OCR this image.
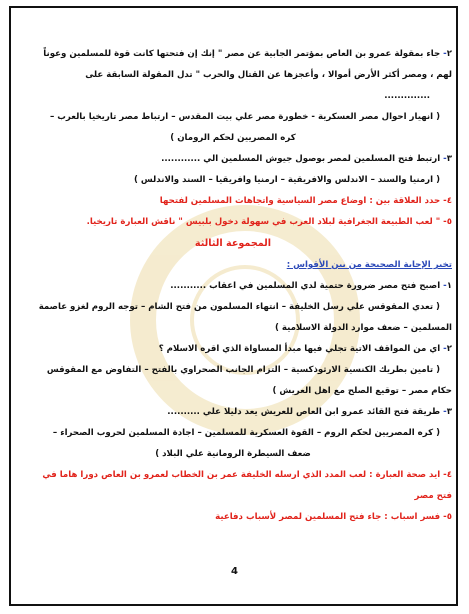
٢- جاء بمقولة عمرو بن العاص بمؤتمر الجابية عن مصر " إنك إن فتحتها كانت قوة للمسلمين وعوناً
لهم ، ومصر أكثر الأرض أموالا ، وأعجزها عن القتال والحرب " تدل المقولة السابقة على
..............
( انهيار احوال مصر العسكرية - خطورة مصر علي بيت المقدس – ارتباط مصر تاريخيا بالعرب –
كره المصريين لحكم الرومان )
٣- ارتبط فتح المسلمين لمصر بوصول جيوش المسلمين الي ............
( ارمنيا والسند – الاندلس والافريقية – ارمنيا وافريقيا – السند والاندلس )
٤- حدد العلاقة بين : اوضاع مصر السياسية واتجاهات المسلمين لفتحها
٥- " لعب الطبيعة الجغرافية لبلاد العرب في سهولة دخول بلبيس " ناقش العبارة تاريخيا.
المجموعة الثالثة
تخير الإجابة الصحيحة من بين الأقواس :
١- اصبح فتح مصر ضرورة حتمية لدي المسلمين في اعقاب ...........
( تعدي المقوقس علي رسل الخليفة – انتهاء المسلمون من فتح الشام – توجه الروم لغزو عاصمة
المسلمين – ضعف موارد الدولة الاسلامية )
٢- اي من المواقف الاتية تجلي فيها مبدأ المساواة الذي اقره الاسلام ؟
( تامين بطريك الكنسية الارثوذكسية – التزام الجانب الصحراوي بالفتح – التفاوض مع المقوقس
حكام مصر – توقيع الصلح مع اهل العريش )
٣- طريقة فتح القائد عمرو ابن العاص للعريش يعد دليلا علي ..........
( كره المصريين لحكم الروم – القوة العسكرية للمسلمين – اجادة المسلمين لحروب الصحراء –
ضعف السيطرة الرومانية علي البلاد )
٤- ايد صحة العبارة : لعب المدد الذي ارسله الخليفة عمر بن الخطاب لعمرو بن العاص دورا هاما في
فتح مصر
٥- فسر اسباب : جاء فتح المسلمين لمصر لأسباب دفاعية
4
